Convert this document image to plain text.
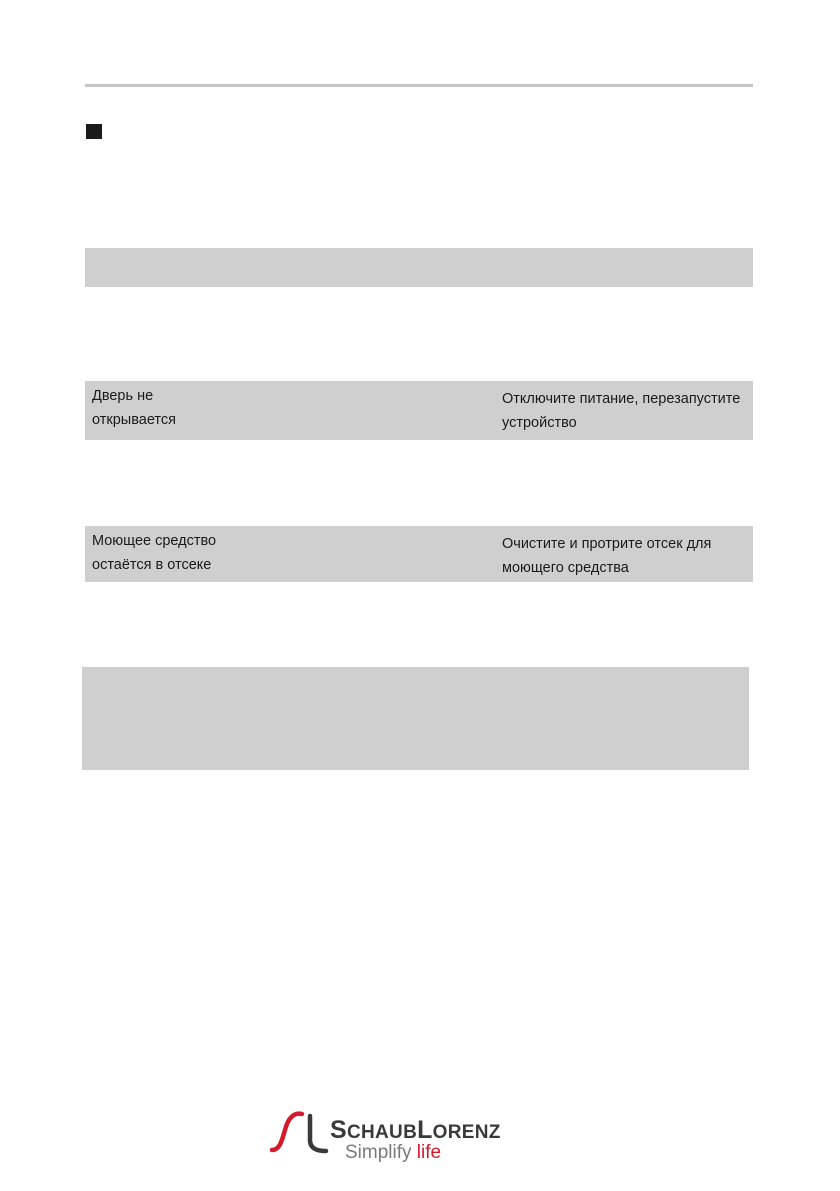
Дверь не
открывается
Отключите питание, перезапустите
устройство
Моющее средство
остаётся в отсеке
Очистите и протрите отсек для
моющего средства
SCHAUBLORENZ
Simplify life
